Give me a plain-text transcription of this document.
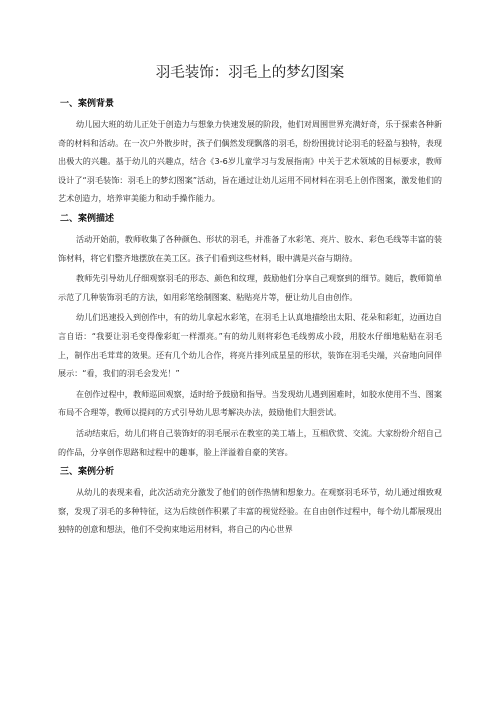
羽毛装饰：羽毛上的梦幻图案
一、案例背景

幼儿园大班的幼儿正处于创造力与想象力快速发展的阶段，他们对周围世界充满好奇，乐于探索各种新奇的材料和活动。在一次户外散步时，孩子们偶然发现飘落的羽毛，纷纷围拢讨论羽毛的轻盈与独特，表现出极大的兴趣。基于幼儿的兴趣点，结合《3-6岁儿童学习与发展指南》中关于艺术领域的目标要求，教师设计了“羽毛装饰：羽毛上的梦幻图案”活动，旨在通过让幼儿运用不同材料在羽毛上创作图案，激发他们的艺术创造力，培养审美能力和动手操作能力。

二、案例描述

活动开始前，教师收集了各种颜色、形状的羽毛，并准备了水彩笔、亮片、胶水、彩色毛线等丰富的装饰材料，将它们整齐地摆放在美工区。孩子们看到这些材料，眼中满是兴奋与期待。

教师先引导幼儿仔细观察羽毛的形态、颜色和纹理，鼓励他们分享自己观察到的细节。随后，教师简单示范了几种装饰羽毛的方法，如用彩笔绘制图案、粘贴亮片等，便让幼儿自由创作。

幼儿们迅速投入到创作中，有的幼儿拿起水彩笔，在羽毛上认真地描绘出太阳、花朵和彩虹，边画边自言自语：“我要让羽毛变得像彩虹一样漂亮。”有的幼儿则将彩色毛线剪成小段，用胶水仔细地粘贴在羽毛上，制作出毛茸茸的效果。还有几个幼儿合作，将亮片排列成星星的形状，装饰在羽毛尖端，兴奋地向同伴展示：“看，我们的羽毛会发光！”

在创作过程中，教师巡回观察，适时给予鼓励和指导。当发现幼儿遇到困难时，如胶水使用不当、图案布局不合理等，教师以提问的方式引导幼儿思考解决办法，鼓励他们大胆尝试。

活动结束后，幼儿们将自己装饰好的羽毛展示在教室的美工墙上，互相欣赏、交流。大家纷纷介绍自己的作品，分享创作思路和过程中的趣事，脸上洋溢着自豪的笑容。

三、案例分析

从幼儿的表现来看，此次活动充分激发了他们的创作热情和想象力。在观察羽毛环节，幼儿通过细致观察，发现了羽毛的多种特征，这为后续创作积累了丰富的视觉经验。在自由创作过程中，每个幼儿都展现出独特的创意和想法，他们不受拘束地运用材料，将自己的内心世界
